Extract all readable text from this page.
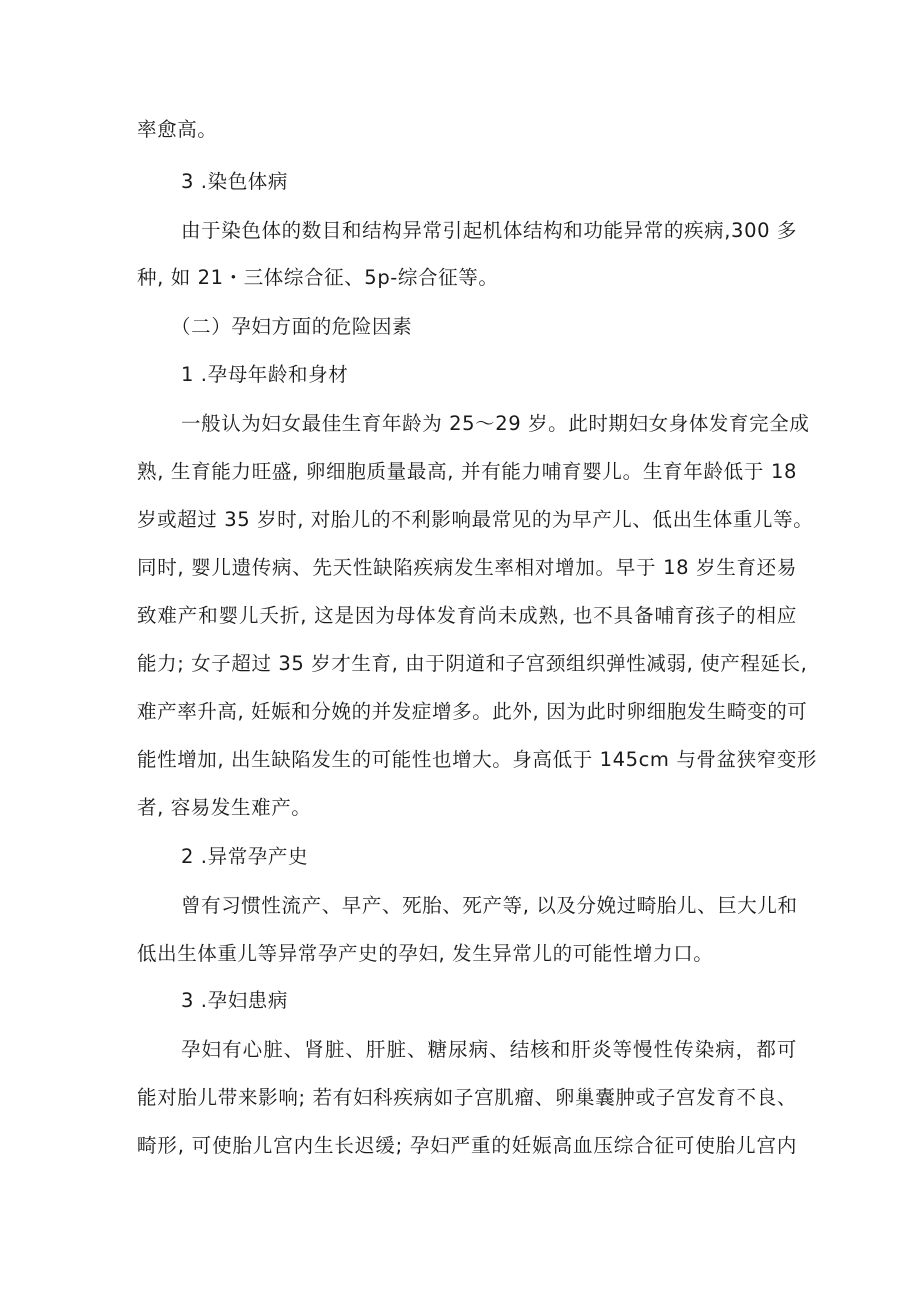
率愈高。
3 .染色体病
由于染色体的数目和结构异常引起机体结构和功能异常的疾病,300 多
种, 如 21・三体综合征、5p-综合征等。
（二）孕妇方面的危险因素
1 .孕母年龄和身材
一般认为妇女最佳生育年龄为 25～29 岁。此时期妇女身体发育完全成
熟, 生育能力旺盛, 卵细胞质量最高, 并有能力哺育婴儿。生育年龄低于 18
岁或超过 35 岁时, 对胎儿的不利影响最常见的为早产儿、低出生体重儿等。
同时, 婴儿遗传病、先天性缺陷疾病发生率相对增加。早于 18 岁生育还易
致难产和婴儿夭折, 这是因为母体发育尚未成熟, 也不具备哺育孩子的相应
能力; 女子超过 35 岁才生育, 由于阴道和子宫颈组织弹性减弱, 使产程延长,
难产率升高, 妊娠和分娩的并发症增多。此外, 因为此时卵细胞发生畸变的可
能性增加, 出生缺陷发生的可能性也增大。身高低于 145cm 与骨盆狭窄变形
者, 容易发生难产。
2 .异常孕产史
曾有习惯性流产、早产、死胎、死产等, 以及分娩过畸胎儿、巨大儿和
低出生体重儿等异常孕产史的孕妇, 发生异常儿的可能性增力口。
3 .孕妇患病
孕妇有心脏、肾脏、肝脏、糖尿病、结核和肝炎等慢性传染病，都可
能对胎儿带来影响; 若有妇科疾病如子宫肌瘤、卵巢囊肿或子宫发育不良、
畸形, 可使胎儿宫内生长迟缓; 孕妇严重的妊娠高血压综合征可使胎儿宫内
